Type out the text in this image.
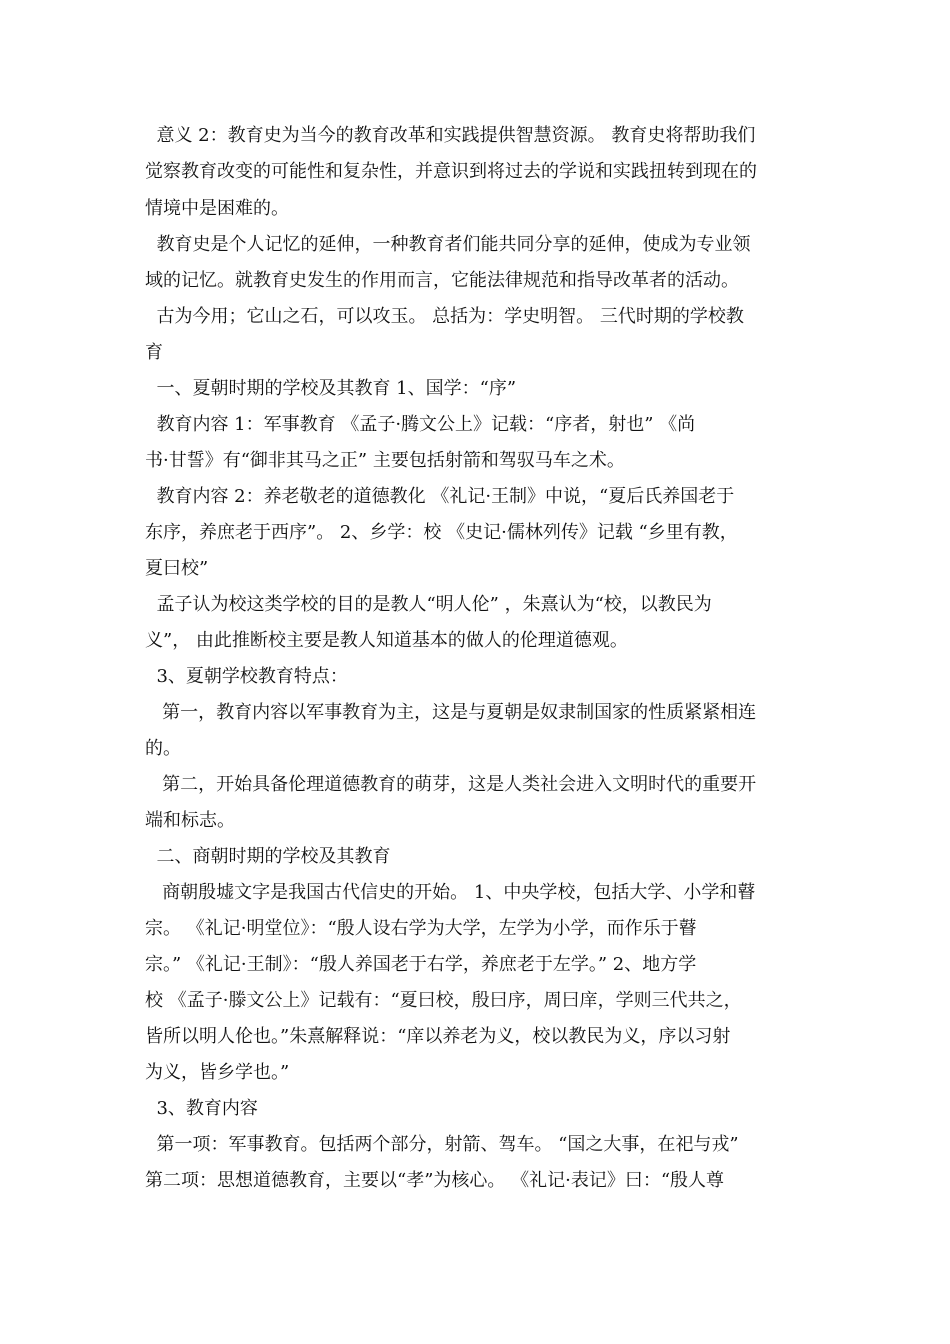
意义 2：教育史为当今的教育改革和实践提供智慧资源。 教育史将帮助我们
觉察教育改变的可能性和复杂性，并意识到将过去的学说和实践扭转到现在的
情境中是困难的。
教育史是个人记忆的延伸，一种教育者们能共同分享的延伸，使成为专业领
域的记忆。就教育史发生的作用而言，它能法律规范和指导改革者的活动。
古为今用；它山之石，可以攻玉。 总括为：学史明智。 三代时期的学校教
育
一、夏朝时期的学校及其教育 1、国学：“序”
教育内容 1：军事教育 《孟子·腾文公上》记载：“序者，射也” 《尚
书·甘誓》有“御非其马之正” 主要包括射箭和驾驭马车之术。
教育内容 2：养老敬老的道德教化 《礼记·王制》中说，“夏后氏养国老于
东序，养庶老于西序”。 2、乡学：校 《史记·儒林列传》记载 “乡里有教，
夏曰校”
孟子认为校这类学校的目的是教人“明人伦” ，朱熹认为“校，以教民为
义”， 由此推断校主要是教人知道基本的做人的伦理道德观。
3、夏朝学校教育特点：
第一，教育内容以军事教育为主，这是与夏朝是奴隶制国家的性质紧紧相连
的。
第二，开始具备伦理道德教育的萌芽，这是人类社会进入文明时代的重要开
端和标志。
二、商朝时期的学校及其教育
商朝殷墟文字是我国古代信史的开始。 1、中央学校，包括大学、小学和瞽
宗。 《礼记·明堂位》：“殷人设右学为大学，左学为小学，而作乐于瞽
宗。” 《礼记·王制》：“殷人养国老于右学，养庶老于左学。” 2、地方学
校 《孟子·滕文公上》记载有：“夏曰校，殷曰序，周曰庠，学则三代共之，
皆所以明人伦也。”朱熹解释说：“庠以养老为义，校以教民为义，序以习射
为义，皆乡学也。”
3、教育内容
第一项：军事教育。包括两个部分，射箭、驾车。 “国之大事，在祀与戎”
第二项：思想道德教育，主要以“孝”为核心。 《礼记·表记》曰：“殷人尊
